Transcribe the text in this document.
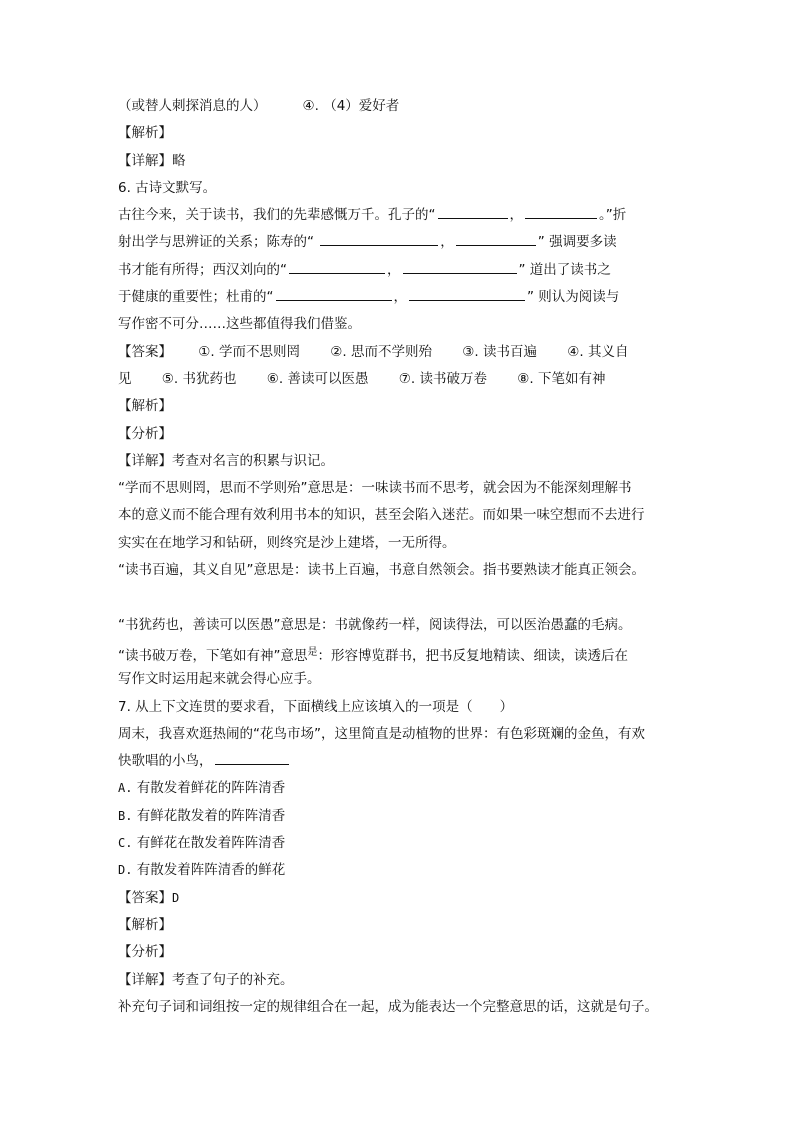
（或替人刺探消息的人）	④. （4）爱好者
【解析】
【详解】略
6. 古诗文默写。
古往今来，关于读书，我们的先辈感慨万千。孔子的“	，	。”折
射出学与思辨证的关系；陈寿的“	，	” 强调要多读
书才能有所得；西汉刘向的“	，	” 道出了读书之
于健康的重要性；杜甫的“	，	” 则认为阅读与
写作密不可分……这些都值得我们借鉴。
【答案】 ①. 学而不思则罔 ②. 思而不学则殆 ③. 读书百遍 ④. 其义自
见 ⑤. 书犹药也 ⑥. 善读可以医愚 ⑦. 读书破万卷 ⑧. 下笔如有神
【解析】
【分析】
【详解】考查对名言的积累与识记。
“学而不思则罔，思而不学则殆”意思是：一味读书而不思考，就会因为不能深刻理解书
本的意义而不能合理有效利用书本的知识，甚至会陷入迷茫。而如果一味空想而不去进行
实实在在地学习和钻研，则终究是沙上建塔，一无所得。
“读书百遍，其义自见”意思是：读书上百遍，书意自然领会。指书要熟读才能真正领会。
“书犹药也，善读可以医愚”意思是：书就像药一样，阅读得法，可以医治愚蠢的毛病。
“读书破万卷，下笔如有神”意思$^是$：形容博览群书，把书反复地精读、细读，读透后在
写作文时运用起来就会得心应手。
7. 从上下文连贯的要求看，下面横线上应该填入的一项是（　　）
周末，我喜欢逛热闹的“花鸟市场”，这里简直是动植物的世界：有色彩斑斓的金鱼，有欢
快歌唱的小鸟，
A. 有散发着鲜花的阵阵清香
B. 有鲜花散发着的阵阵清香
C. 有鲜花在散发着阵阵清香
D. 有散发着阵阵清香的鲜花
【答案】D
【解析】
【分析】
【详解】考查了句子的补充。
补充句子词和词组按一定的规律组合在一起，成为能表达一个完整意思的话，这就是句子。
